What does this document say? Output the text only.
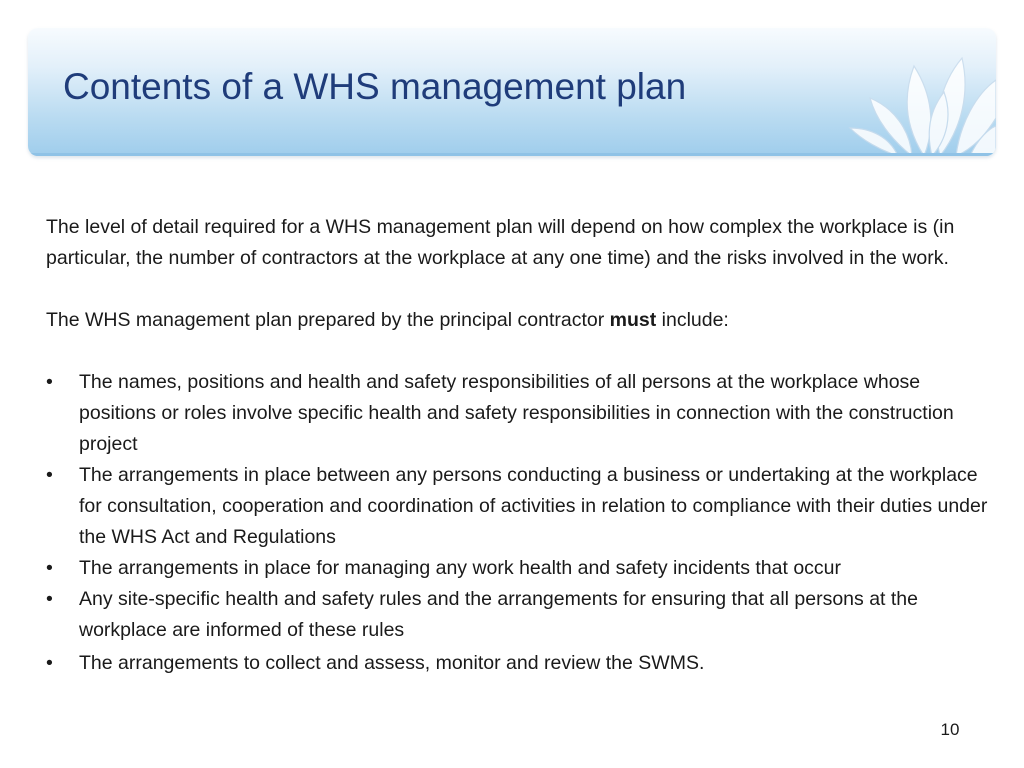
Contents of a WHS management plan

The level of detail required for a WHS management plan will depend on how complex the workplace is (in particular, the number of contractors at the workplace at any one time) and the risks involved in the work.

The WHS management plan prepared by the principal contractor must include:

• The names, positions and health and safety responsibilities of all persons at the workplace whose positions or roles involve specific health and safety responsibilities in connection with the construction project
• The arrangements in place between any persons conducting a business or undertaking at the workplace for consultation, cooperation and coordination of activities in relation to compliance with their duties under the WHS Act and Regulations
• The arrangements in place for managing any work health and safety incidents that occur
• Any site-specific health and safety rules and the arrangements for ensuring that all persons at the workplace are informed of these rules
• The arrangements to collect and assess, monitor and review the SWMS.
10
